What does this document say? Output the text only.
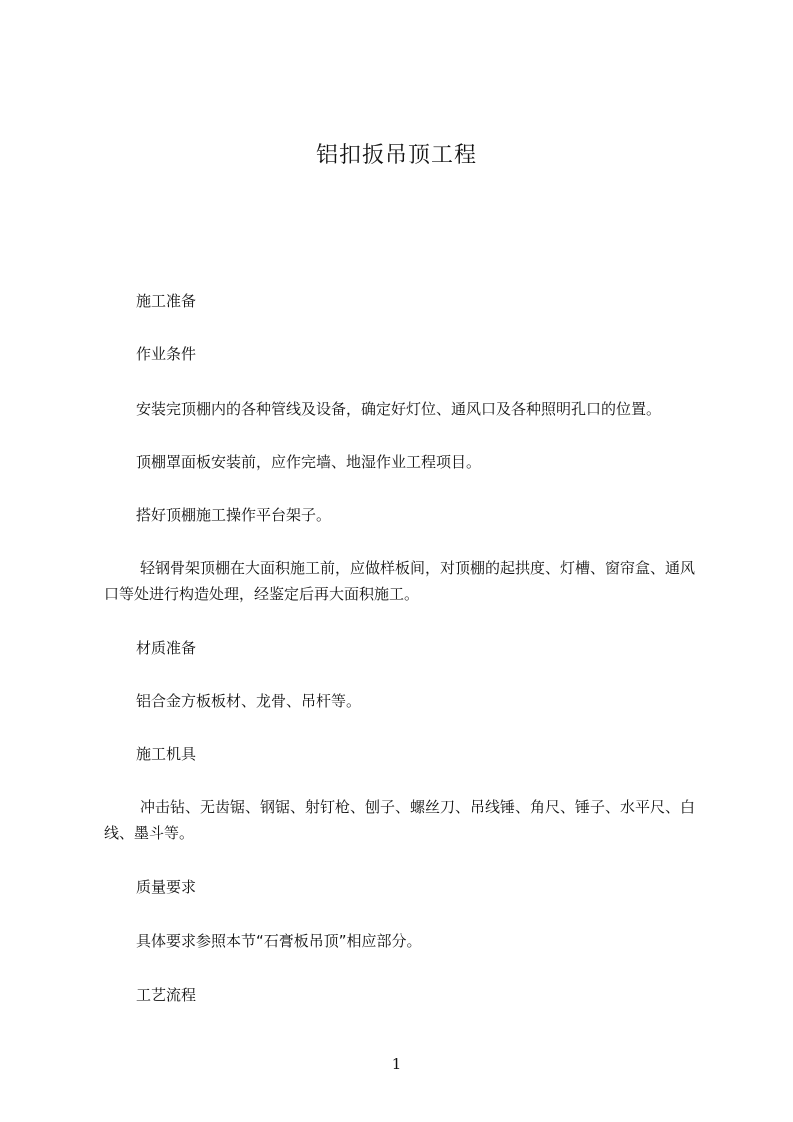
铝扣扳吊顶工程
施工准备
作业条件
安装完顶棚内的各种管线及设备，确定好灯位、通风口及各种照明孔口的位置。
顶棚罩面板安装前，应作完墙、地湿作业工程项目。
搭好顶棚施工操作平台架子。
轻钢骨架顶棚在大面积施工前，应做样板间，对顶棚的起拱度、灯槽、窗帘盒、通风口等处进行构造处理，经鉴定后再大面积施工。
材质准备
铝合金方板板材、龙骨、吊杆等。
施工机具
冲击钻、无齿锯、钢锯、射钉枪、刨子、螺丝刀、吊线锤、角尺、锤子、水平尺、白线、墨斗等。
质量要求
具体要求参照本节“石膏板吊顶”相应部分。
工艺流程
1
